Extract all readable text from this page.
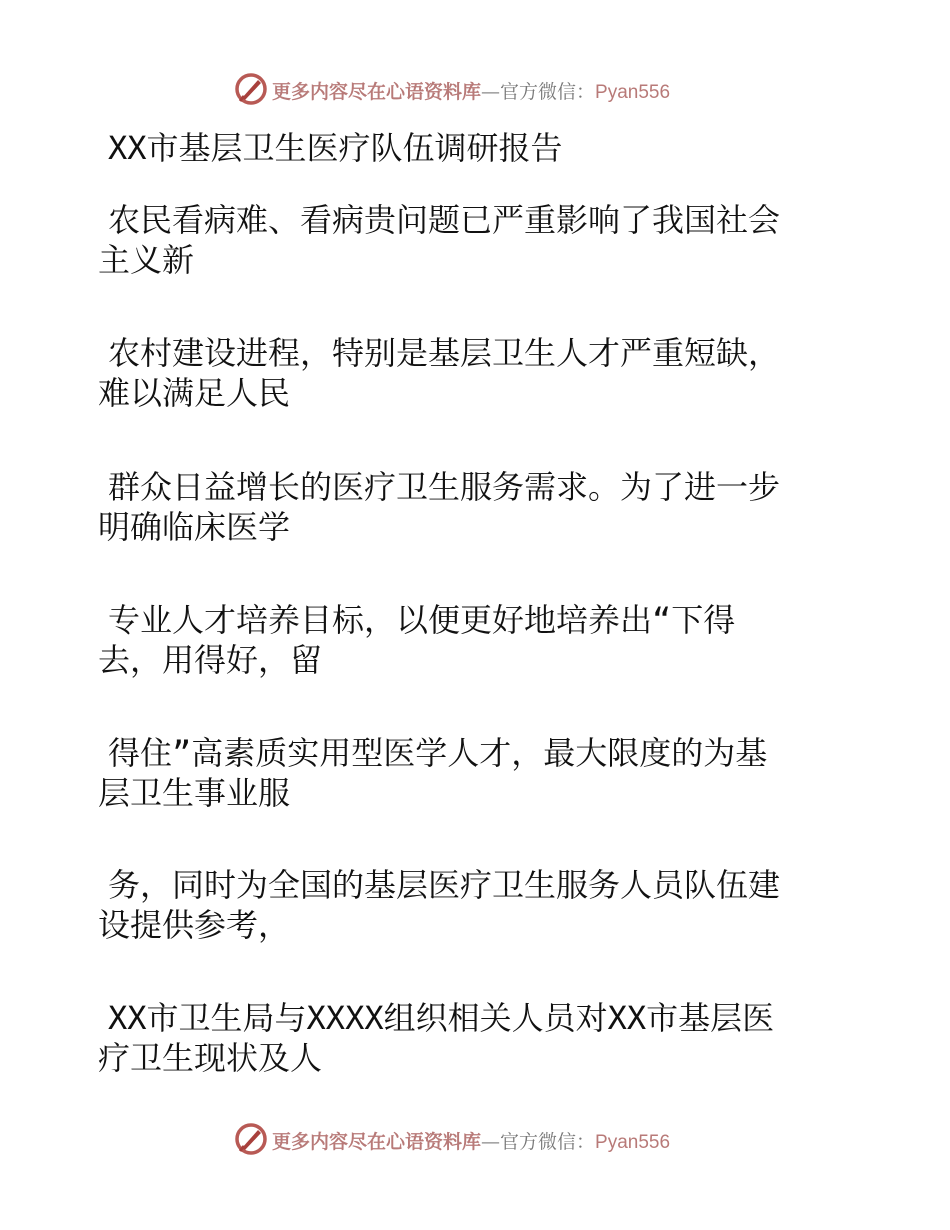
更多内容尽在心语资料库—官方微信：Pyan556
XX市基层卫生医疗队伍调研报告
农民看病难、看病贵问题已严重影响了我国社会
主义新
农村建设进程，特别是基层卫生人才严重短缺，
难以满足人民
群众日益增长的医疗卫生服务需求。为了进一步
明确临床医学
专业人才培养目标，以便更好地培养出“下得
去，用得好，留
得住”高素质实用型医学人才，最大限度的为基
层卫生事业服
务，同时为全国的基层医疗卫生服务人员队伍建
设提供参考，
XX市卫生局与XXXX组织相关人员对XX市基层医
疗卫生现状及人
更多内容尽在心语资料库—官方微信：Pyan556
